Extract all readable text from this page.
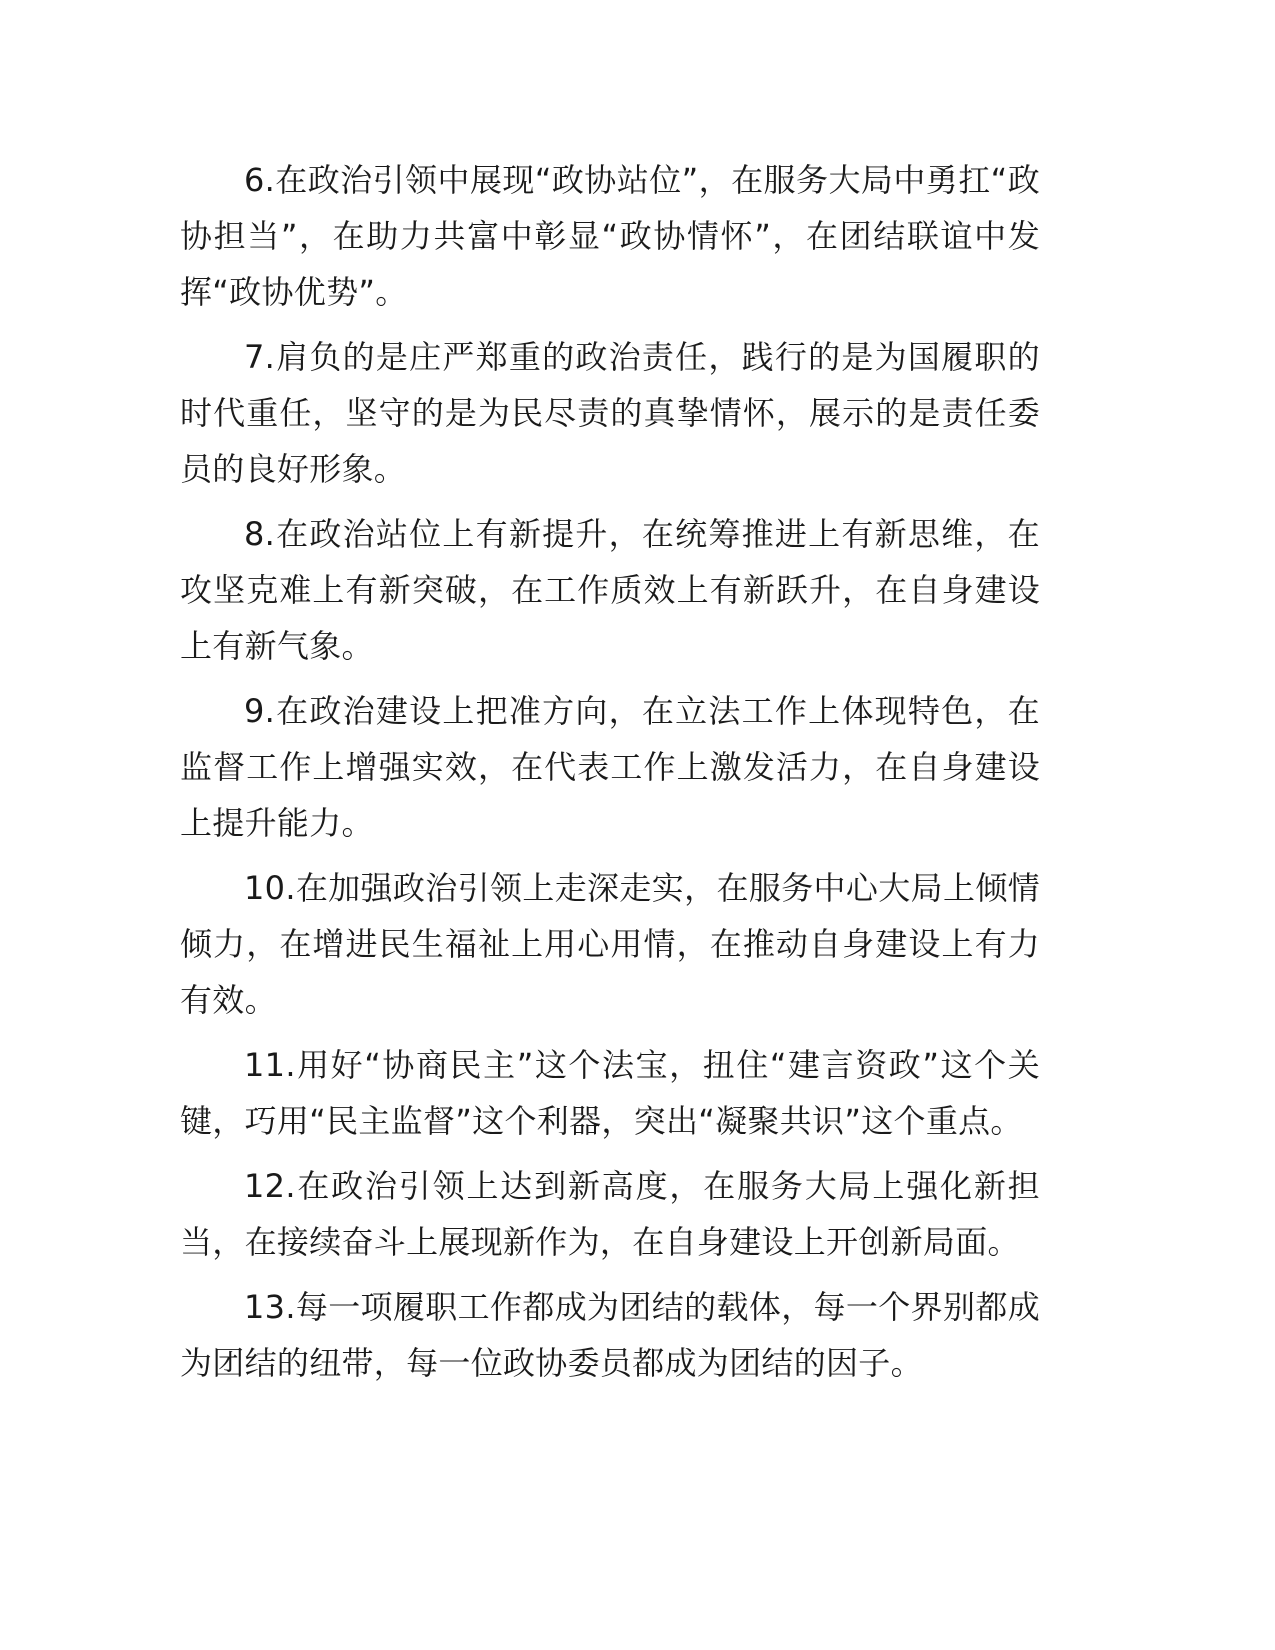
6.在政治引领中展现“政协站位”，在服务大局中勇扛“政协担当”，在助力共富中彰显“政协情怀”，在团结联谊中发挥“政协优势”。

7.肩负的是庄严郑重的政治责任，践行的是为国履职的时代重任，坚守的是为民尽责的真挚情怀，展示的是责任委员的良好形象。

8.在政治站位上有新提升，在统筹推进上有新思维，在攻坚克难上有新突破，在工作质效上有新跃升，在自身建设上有新气象。

9.在政治建设上把准方向，在立法工作上体现特色，在监督工作上增强实效，在代表工作上激发活力，在自身建设上提升能力。

10.在加强政治引领上走深走实，在服务中心大局上倾情倾力，在增进民生福祉上用心用情，在推动自身建设上有力有效。

11.用好“协商民主”这个法宝，扭住“建言资政”这个关键，巧用“民主监督”这个利器，突出“凝聚共识”这个重点。

12.在政治引领上达到新高度，在服务大局上强化新担当，在接续奋斗上展现新作为，在自身建设上开创新局面。

13.每一项履职工作都成为团结的载体，每一个界别都成为团结的纽带，每一位政协委员都成为团结的因子。
